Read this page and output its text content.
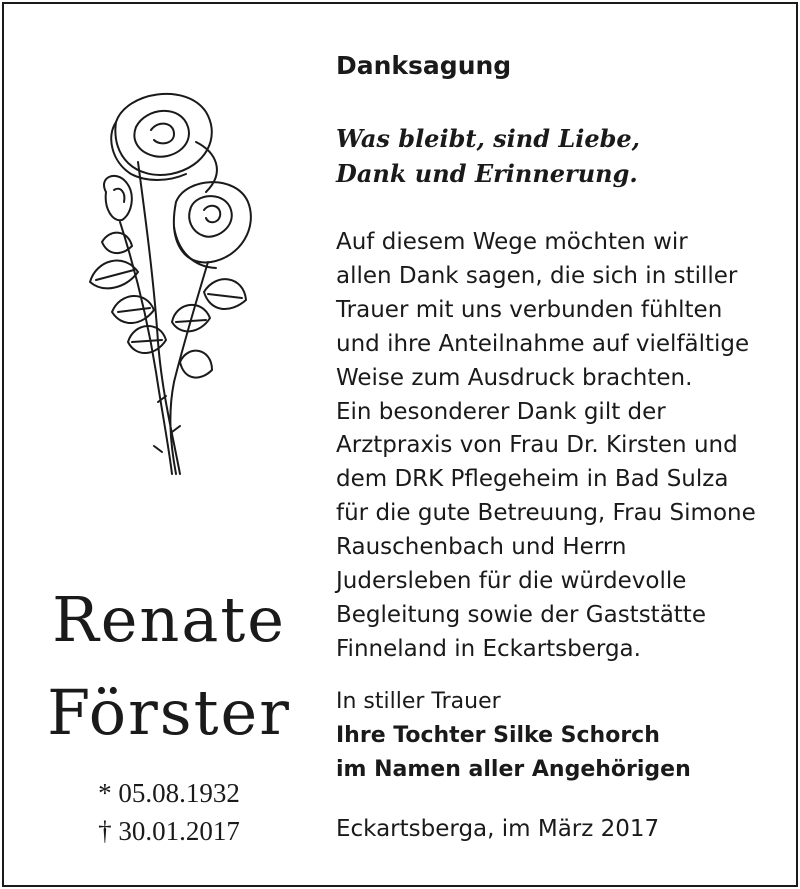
Renate
Förster
* 05.08.1932
† 30.01.2017
Danksagung
Was bleibt, sind Liebe,
Dank und Erinnerung.
Auf diesem Wege möchten wir
allen Dank sagen, die sich in stiller
Trauer mit uns verbunden fühlten
und ihre Anteilnahme auf vielfältige
Weise zum Ausdruck brachten.
Ein besonderer Dank gilt der
Arztpraxis von Frau Dr. Kirsten und
dem DRK Pflegeheim in Bad Sulza
für die gute Betreuung, Frau Simone
Rauschenbach und Herrn
Judersleben für die würdevolle
Begleitung sowie der Gaststätte
Finneland in Eckartsberga.
In stiller Trauer
Ihre Tochter Silke Schorch
im Namen aller Angehörigen
Eckartsberga, im März 2017
